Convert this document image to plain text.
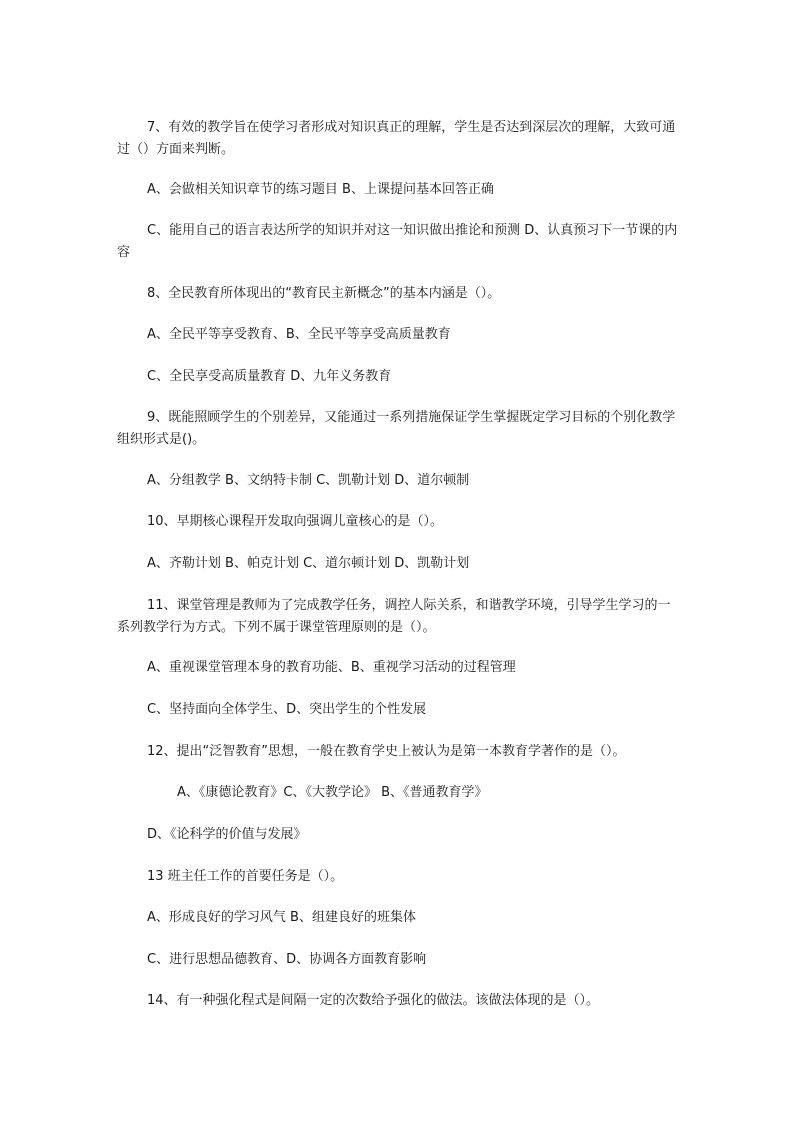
7、有效的教学旨在使学习者形成对知识真正的理解，学生是否达到深层次的理解，大致可通过（）方面来判断。

A、会做相关知识章节的练习题目 B、上课提问基本回答正确

C、能用自己的语言表达所学的知识并对这一知识做出推论和预测 D、认真预习下一节课的内容

8、全民教育所体现出的“教育民主新概念”的基本内涵是（）。

A、全民平等享受教育、B、全民平等享受高质量教育

C、全民享受高质量教育 D、九年义务教育

9、既能照顾学生的个别差异，又能通过一系列措施保证学生掌握既定学习目标的个别化教学组织形式是()。

A、分组教学 B、文纳特卡制 C、凯勒计划 D、道尔顿制

10、早期核心课程开发取向强调儿童核心的是（）。

A、齐勒计划 B、帕克计划 C、道尔顿计划 D、凯勒计划

11、课堂管理是教师为了完成教学任务，调控人际关系，和谐教学环境，引导学生学习的一系列教学行为方式。下列不属于课堂管理原则的是（）。

A、重视课堂管理本身的教育功能、B、重视学习活动的过程管理

C、坚持面向全体学生、D、突出学生的个性发展

12、提出“泛智教育”思想，一般在教育学史上被认为是第一本教育学著作的是（）。

A、《康德论教育》C、《大教学论》 B、《普通教育学》

D、《论科学的价值与发展》

13 班主任工作的首要任务是（）。

A、形成良好的学习风气 B、组建良好的班集体

C、进行思想品德教育、D、协调各方面教育影响

14、有一种强化程式是间隔一定的次数给予强化的做法。该做法体现的是（）。
